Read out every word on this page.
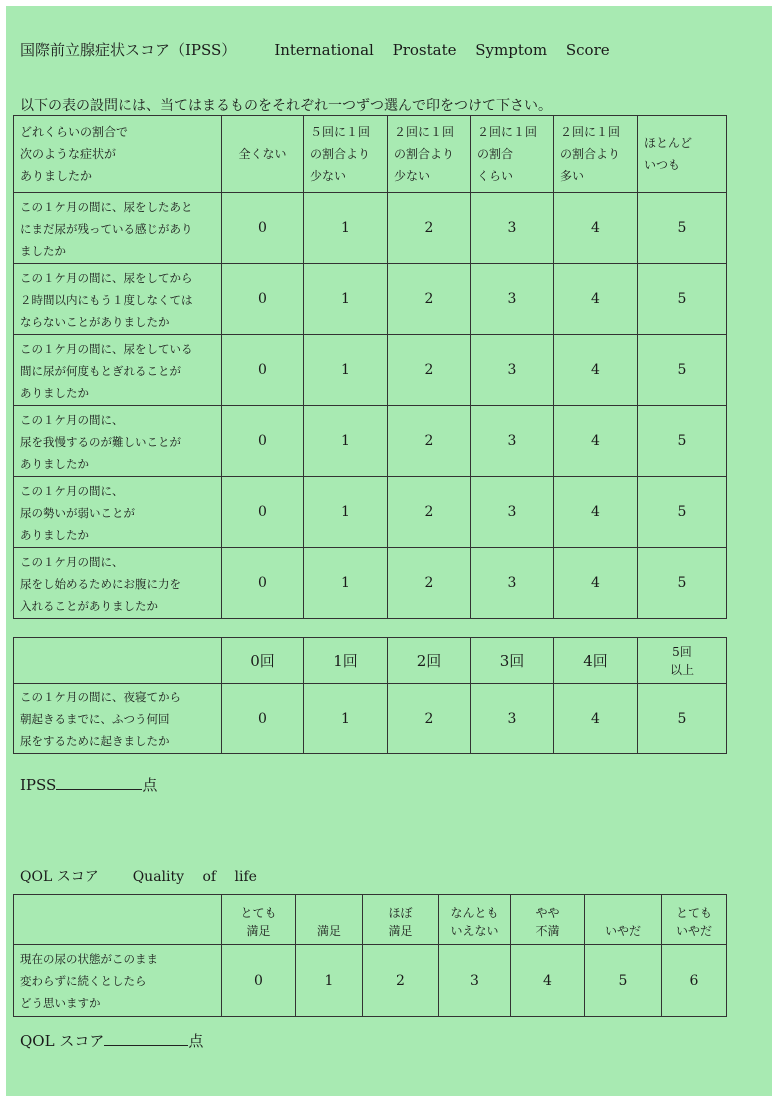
国際前立腺症状スコア（IPSS）	International Prostate Symptom Score
以下の表の設問には、当てはまるものをそれぞれ一つずつ選んで印をつけて下さい。
どれくらいの割合で
次のような症状が
ありましたか	全くない	５回に１回
の割合より
少ない	２回に１回
の割合より
少ない	２回に１回
の割合
くらい	２回に１回
の割合より
多い	ほとんど
いつも

この１ケ月の間に、尿をしたあと
にまだ尿が残っている感じがあり
ましたか	0	1	2	3	4	5

この１ケ月の間に、尿をしてから
２時間以内にもう１度しなくては
ならないことがありましたか	0	1	2	3	4	5

この１ケ月の間に、尿をしている
間に尿が何度もとぎれることが
ありましたか	0	1	2	3	4	5

この１ケ月の間に、
尿を我慢するのが難しいことが
ありましたか	0	1	2	3	4	5

この１ケ月の間に、
尿の勢いが弱いことが
ありましたか	0	1	2	3	4	5

この１ケ月の間に、
尿をし始めるためにお腹に力を
入れることがありましたか	0	1	2	3	4	5

	0回	1回	2回	3回	4回	5回
以上

この１ケ月の間に、夜寝てから
朝起きるまでに、ふつう何回
尿をするために起きましたか	0	1	2	3	4	5
IPSS	点
QOL スコア Quality of life

	とても
満足	満足	ほぼ
満足	なんとも
いえない	やや
不満	いやだ	とても
いやだ

現在の尿の状態がこのまま
変わらずに続くとしたら
どう思いますか	0	1	2	3	4	5	6
QOL スコア	点
